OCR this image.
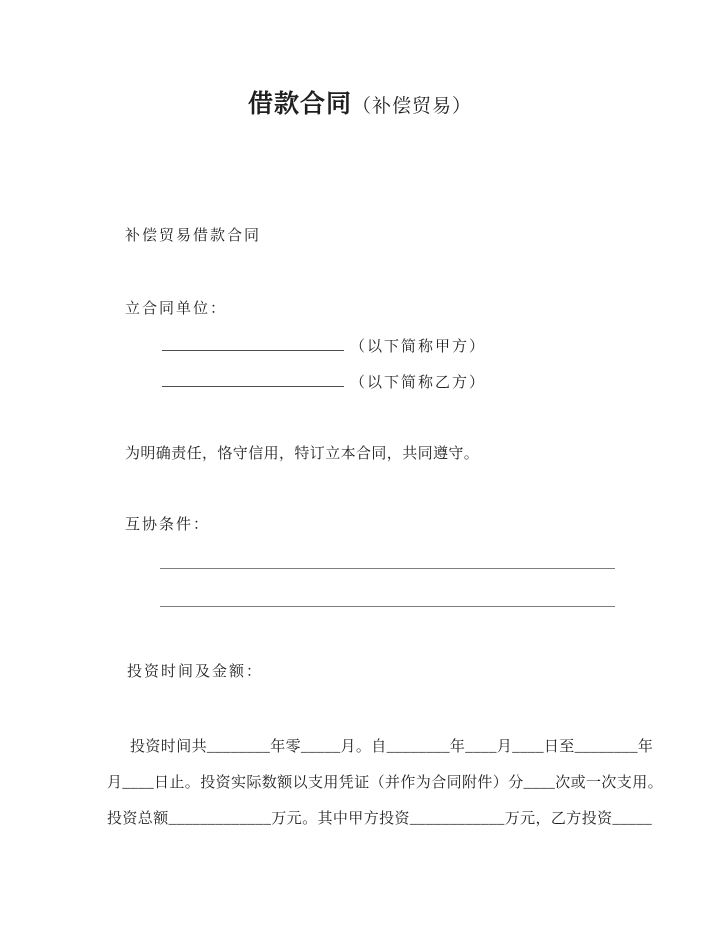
借款合同（补偿贸易）
补偿贸易借款合同
立合同单位：
（以下简称甲方）
（以下简称乙方）
为明确责任，恪守信用，特订立本合同，共同遵守。
互协条件：
投资时间及金额：
投资时间共________年零_____月。自________年____月____日至________年
月____日止。投资实际数额以支用凭证（并作为合同附件）分____次或一次支用。
投资总额_____________万元。其中甲方投资____________万元，乙方投资_____
